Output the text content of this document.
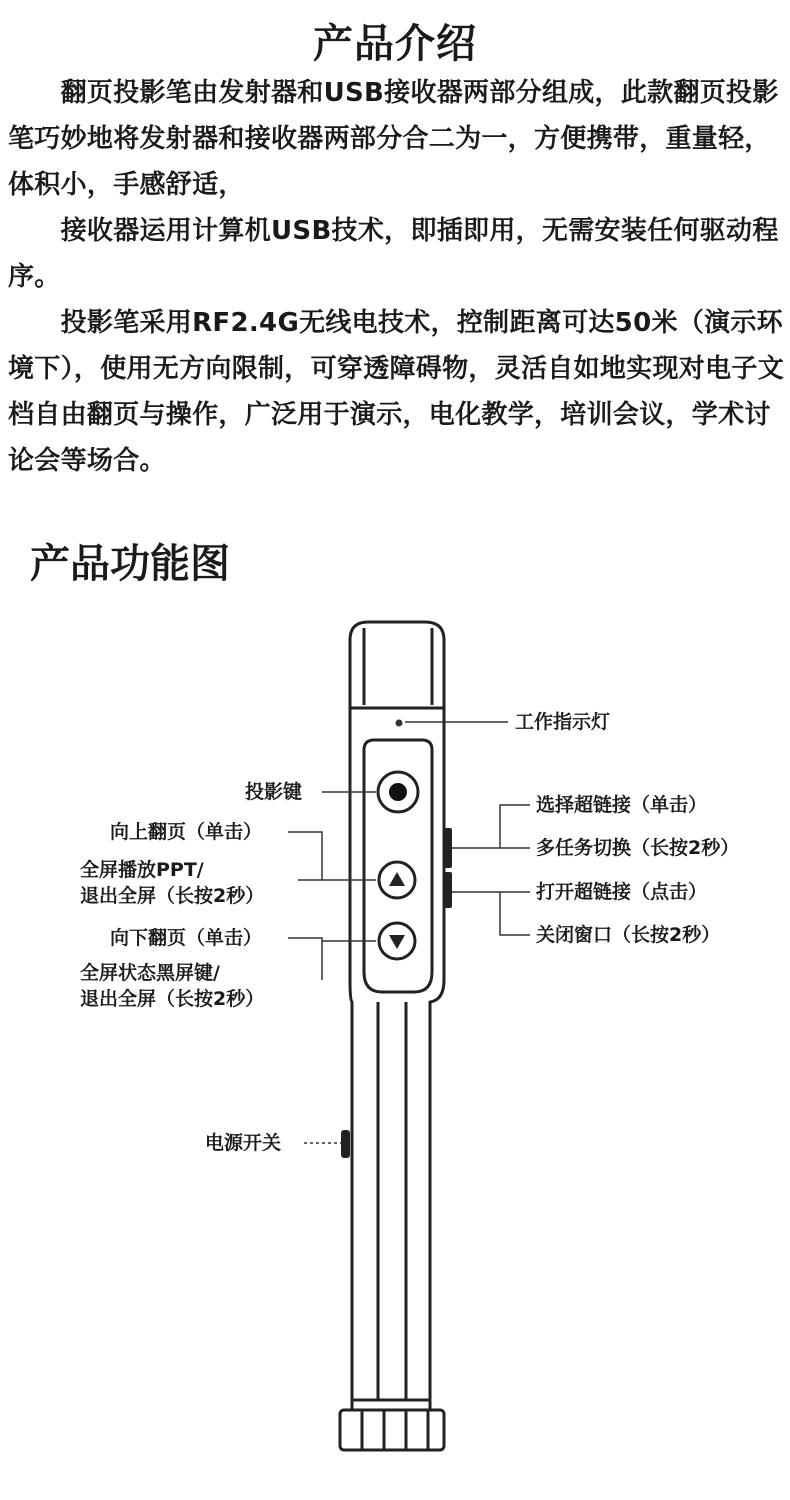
产品介绍

　　翻页投影笔由发射器和USB接收器两部分组成，此款翻页投影笔巧妙地将发射器和接收器两部分合二为一，方便携带，重量轻，体积小，手感舒适，

　　接收器运用计算机USB技术，即插即用，无需安装任何驱动程序。

　　投影笔采用RF2.4G无线电技术，控制距离可达50米（演示环境下），使用无方向限制，可穿透障碍物，灵活自如地实现对电子文档自由翻页与操作，广泛用于演示，电化教学，培训会议，学术讨论会等场合。

产品功能图
工作指示灯
投影键
向上翻页（单击）
全屏播放PPT/
退出全屏（长按2秒）
向下翻页（单击）
全屏状态黑屏键/
退出全屏（长按2秒）
电源开关
选择超链接（单击）
多任务切换（长按2秒）
打开超链接（点击）
关闭窗口（长按2秒）
